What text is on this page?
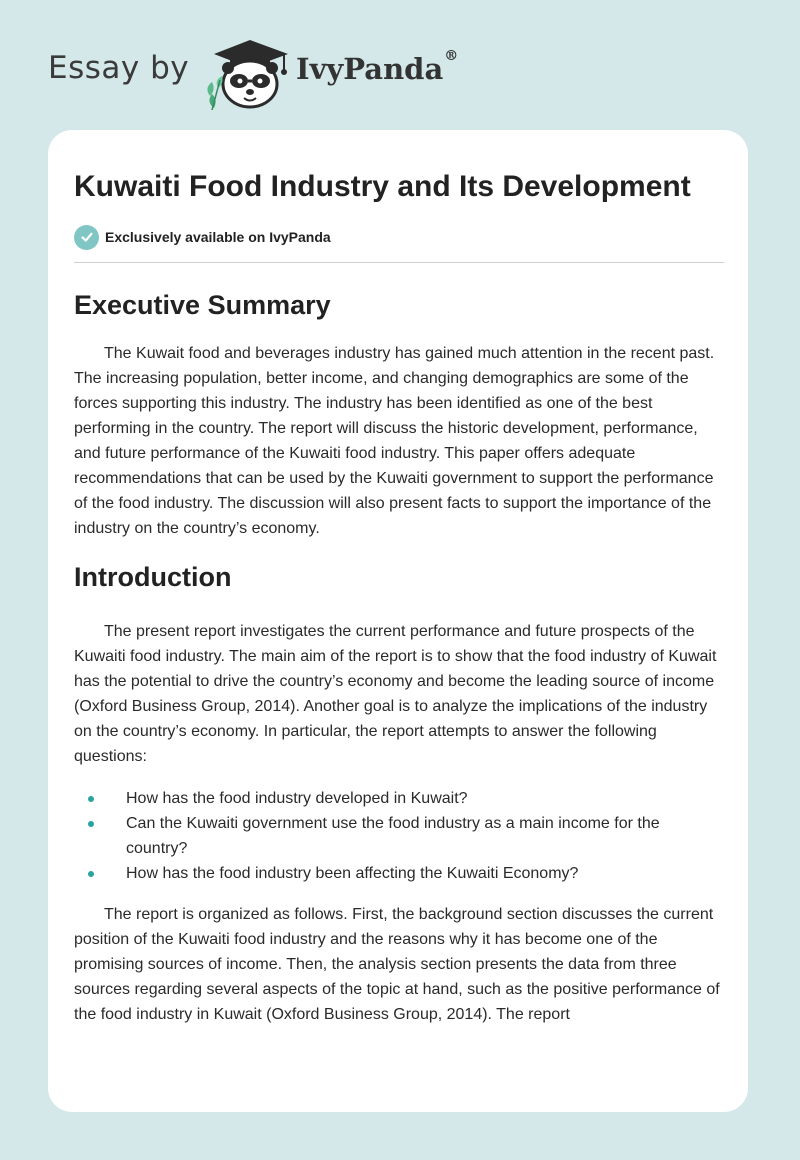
Essay by	IvyPanda®
Kuwaiti Food Industry and Its Development
Exclusively available on IvyPanda
Executive Summary

The Kuwait food and beverages industry has gained much attention in the recent past. The increasing population, better income, and changing demographics are some of the forces supporting this industry. The industry has been identified as one of the best performing in the country. The report will discuss the historic development, performance, and future performance of the Kuwaiti food industry. This paper offers adequate recommendations that can be used by the Kuwaiti government to support the performance of the food industry. The discussion will also present facts to support the importance of the industry on the country’s economy.

Introduction

The present report investigates the current performance and future prospects of the Kuwaiti food industry. The main aim of the report is to show that the food industry of Kuwait has the potential to drive the country’s economy and become the leading source of income (Oxford Business Group, 2014). Another goal is to analyze the implications of the industry on the country’s economy. In particular, the report attempts to answer the following questions:

How has the food industry developed in Kuwait?
Can the Kuwaiti government use the food industry as a main income for the country?
How has the food industry been affecting the Kuwaiti Economy?

The report is organized as follows. First, the background section discusses the current position of the Kuwaiti food industry and the reasons why it has become one of the promising sources of income. Then, the analysis section presents the data from three sources regarding several aspects of the topic at hand, such as the positive performance of the food industry in Kuwait (Oxford Business Group, 2014). The report
